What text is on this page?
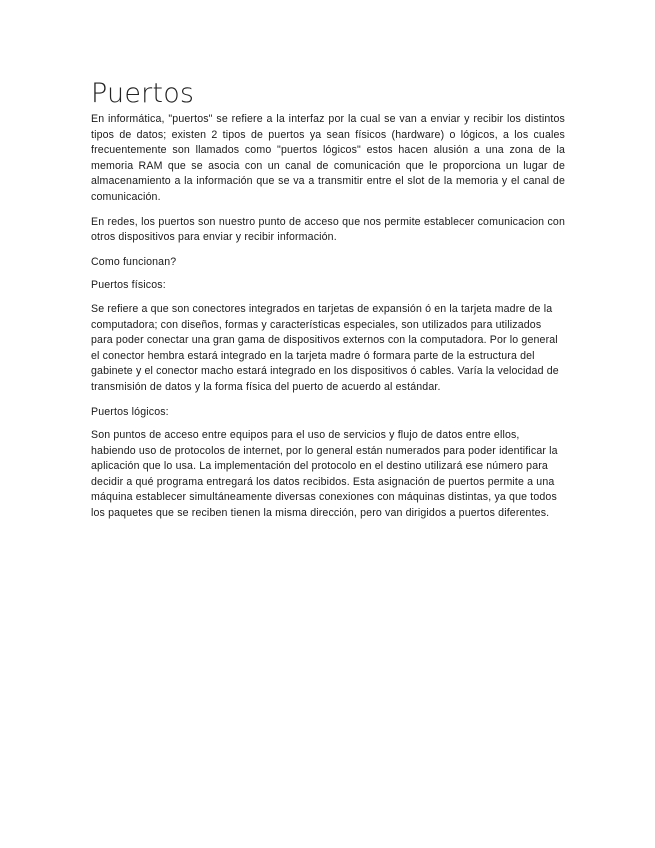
Puertos

En informática, "puertos" se refiere a la interfaz por la cual se van a enviar y recibir los distintos tipos de datos; existen 2 tipos de puertos ya sean físicos (hardware) o lógicos, a los cuales frecuentemente son llamados como "puertos lógicos" estos hacen alusión a una zona de la memoria RAM que se asocia con un canal de comunicación que le proporciona un lugar de almacenamiento a la información que se va a transmitir entre el slot de la memoria y el canal de comunicación.

En redes, los puertos son nuestro punto de acceso que nos permite establecer comunicacion con otros dispositivos para enviar y recibir información.

Como funcionan?

Puertos físicos:

Se refiere a que son conectores integrados en tarjetas de expansión ó en la tarjeta madre de la computadora; con diseños, formas y características especiales, son utilizados para utilizados para poder conectar una gran gama de dispositivos externos con la computadora. Por lo general el conector hembra estará integrado en la tarjeta madre ó formara parte de la estructura del gabinete y el conector macho estará integrado en los dispositivos ó cables. Varía la velocidad de transmisión de datos y la forma física del puerto de acuerdo al estándar.

Puertos lógicos:

Son puntos de acceso entre equipos para el uso de servicios y flujo de datos entre ellos, habiendo uso de protocolos de internet, por lo general están numerados para poder identificar la aplicación que lo usa. La implementación del protocolo en el destino utilizará ese número para decidir a qué programa entregará los datos recibidos. Esta asignación de puertos permite a una máquina establecer simultáneamente diversas conexiones con máquinas distintas, ya que todos los paquetes que se reciben tienen la misma dirección, pero van dirigidos a puertos diferentes.
